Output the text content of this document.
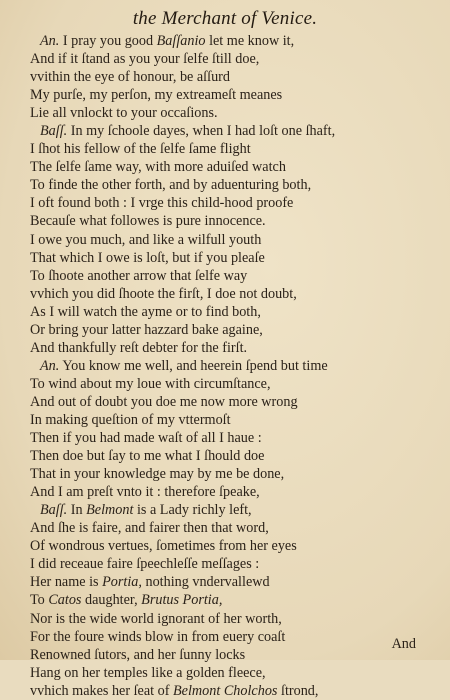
the Merchant of Venice.
An. I pray you good Baſſanio let me know it,
And if it ſtand as you your ſelfe ſtill doe,
vvithin the eye of honour, be aſſurd
My purſe, my perſon, my extreameſt meanes
Lie all vnlockt to your occaſions.
Baſſ. In my ſchoole dayes, when I had loſt one ſhaft,
I ſhot his fellow of the ſelfe ſame flight
The ſelfe ſame way, with more aduiſed watch
To finde the other forth, and by aduenturing both,
I oft found both : I vrge this child-hood proofe
Becauſe what followes is pure innocence.
I owe you much, and like a wilfull youth
That which I owe is loſt, but if you pleaſe
To ſhoote another arrow that ſelfe way
vvhich you did ſhoote the firſt, I doe not doubt,
As I will watch the ayme or to find both,
Or bring your latter hazzard bake againe,
And thankfully reſt debter for the firſt.
An. You know me well, and heerein ſpend but time
To wind about my loue with circumſtance,
And out of doubt you doe me now more wrong
In making queſtion of my vttermoſt
Then if you had made waſt of all I haue :
Then doe but ſay to me what I ſhould doe
That in your knowledge may by me be done,
And I am preſt vnto it : therefore ſpeake,
Baſſ. In Belmont is a Lady richly left,
And ſhe is faire, and fairer then that word,
Of wondrous vertues, ſometimes from her eyes
I did receaue faire ſpeechleſſe meſſages :
Her name is Portia, nothing vndervallewd
To Catos daughter, Brutus Portia,
Nor is the wide world ignorant of her worth,
For the foure winds blow in from euery coaſt
Renowned ſutors, and her ſunny locks
Hang on her temples like a golden fleece,
vvhich makes her ſeat of Belmont Cholchos ſtrond,
And
